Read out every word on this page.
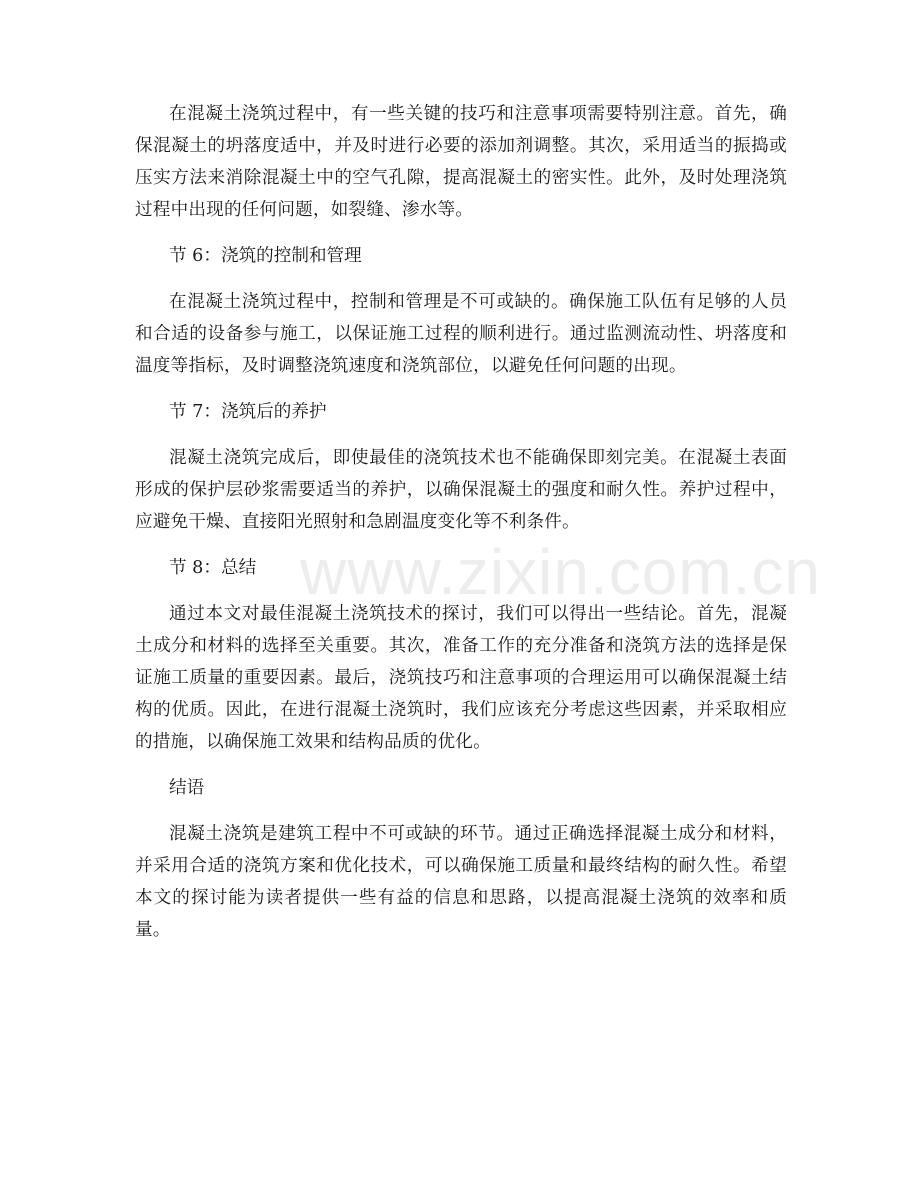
在混凝土浇筑过程中，有一些关键的技巧和注意事项需要特别注意。首先，确保混凝土的坍落度适中，并及时进行必要的添加剂调整。其次，采用适当的振捣或压实方法来消除混凝土中的空气孔隙，提高混凝土的密实性。此外，及时处理浇筑过程中出现的任何问题，如裂缝、渗水等。

节 6：浇筑的控制和管理

在混凝土浇筑过程中，控制和管理是不可或缺的。确保施工队伍有足够的人员和合适的设备参与施工，以保证施工过程的顺利进行。通过监测流动性、坍落度和温度等指标，及时调整浇筑速度和浇筑部位，以避免任何问题的出现。

节 7：浇筑后的养护

混凝土浇筑完成后，即使最佳的浇筑技术也不能确保即刻完美。在混凝土表面形成的保护层砂浆需要适当的养护，以确保混凝土的强度和耐久性。养护过程中，应避免干燥、直接阳光照射和急剧温度变化等不利条件。

节 8：总结

通过本文对最佳混凝土浇筑技术的探讨，我们可以得出一些结论。首先，混凝土成分和材料的选择至关重要。其次，准备工作的充分准备和浇筑方法的选择是保证施工质量的重要因素。最后，浇筑技巧和注意事项的合理运用可以确保混凝土结构的优质。因此，在进行混凝土浇筑时，我们应该充分考虑这些因素，并采取相应的措施，以确保施工效果和结构品质的优化。

结语

混凝土浇筑是建筑工程中不可或缺的环节。通过正确选择混凝土成分和材料，并采用合适的浇筑方案和优化技术，可以确保施工质量和最终结构的耐久性。希望本文的探讨能为读者提供一些有益的信息和思路，以提高混凝土浇筑的效率和质量。

www.zixin.com.cn
